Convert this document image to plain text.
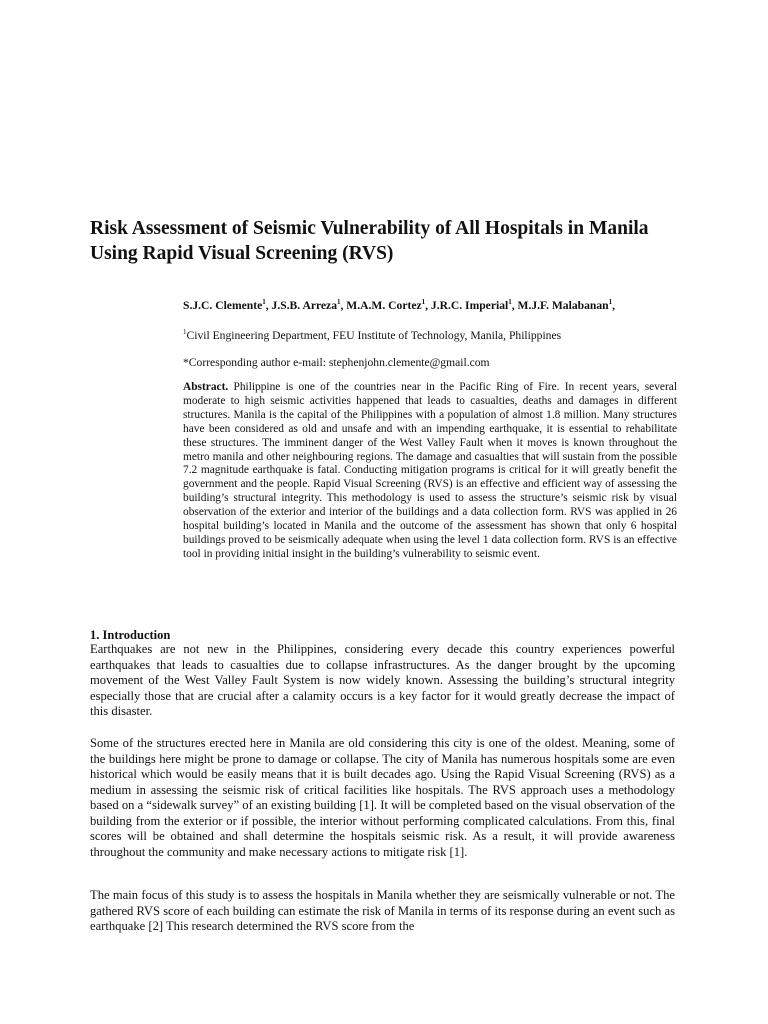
Risk Assessment of Seismic Vulnerability of All Hospitals in Manila Using Rapid Visual Screening (RVS)

S.J.C. Clemente$^1$, J.S.B. Arreza$^1$, M.A.M. Cortez$^1$, J.R.C. Imperial$^1$, M.J.F. Malabanan$^1$,

$^1$Civil Engineering Department, FEU Institute of Technology, Manila, Philippines

*Corresponding author e-mail: stephenjohn.clemente@gmail.com

Abstract. Philippine is one of the countries near in the Pacific Ring of Fire. In recent years, several moderate to high seismic activities happened that leads to casualties, deaths and damages in different structures. Manila is the capital of the Philippines with a population of almost 1.8 million. Many structures have been considered as old and unsafe and with an impending earthquake, it is essential to rehabilitate these structures. The imminent danger of the West Valley Fault when it moves is known throughout the metro manila and other neighbouring regions. The damage and casualties that will sustain from the possible 7.2 magnitude earthquake is fatal. Conducting mitigation programs is critical for it will greatly benefit the government and the people. Rapid Visual Screening (RVS) is an effective and efficient way of assessing the building’s structural integrity. This methodology is used to assess the structure’s seismic risk by visual observation of the exterior and interior of the buildings and a data collection form. RVS was applied in 26 hospital building’s located in Manila and the outcome of the assessment has shown that only 6 hospital buildings proved to be seismically adequate when using the level 1 data collection form. RVS is an effective tool in providing initial insight in the building’s vulnerability to seismic event.

1. Introduction

Earthquakes are not new in the Philippines, considering every decade this country experiences powerful earthquakes that leads to casualties due to collapse infrastructures. As the danger brought by the upcoming movement of the West Valley Fault System is now widely known. Assessing the building’s structural integrity especially those that are crucial after a calamity occurs is a key factor for it would greatly decrease the impact of this disaster.

Some of the structures erected here in Manila are old considering this city is one of the oldest. Meaning, some of the buildings here might be prone to damage or collapse. The city of Manila has numerous hospitals some are even historical which would be easily means that it is built decades ago. Using the Rapid Visual Screening (RVS) as a medium in assessing the seismic risk of critical facilities like hospitals. The RVS approach uses a methodology based on a “sidewalk survey” of an existing building [1]. It will be completed based on the visual observation of the building from the exterior or if possible, the interior without performing complicated calculations. From this, final scores will be obtained and shall determine the hospitals seismic risk. As a result, it will provide awareness throughout the community and make necessary actions to mitigate risk [1].

The main focus of this study is to assess the hospitals in Manila whether they are seismically vulnerable or not. The gathered RVS score of each building can estimate the risk of Manila in terms of its response during an event such as earthquake [2] This research determined the RVS score from the
